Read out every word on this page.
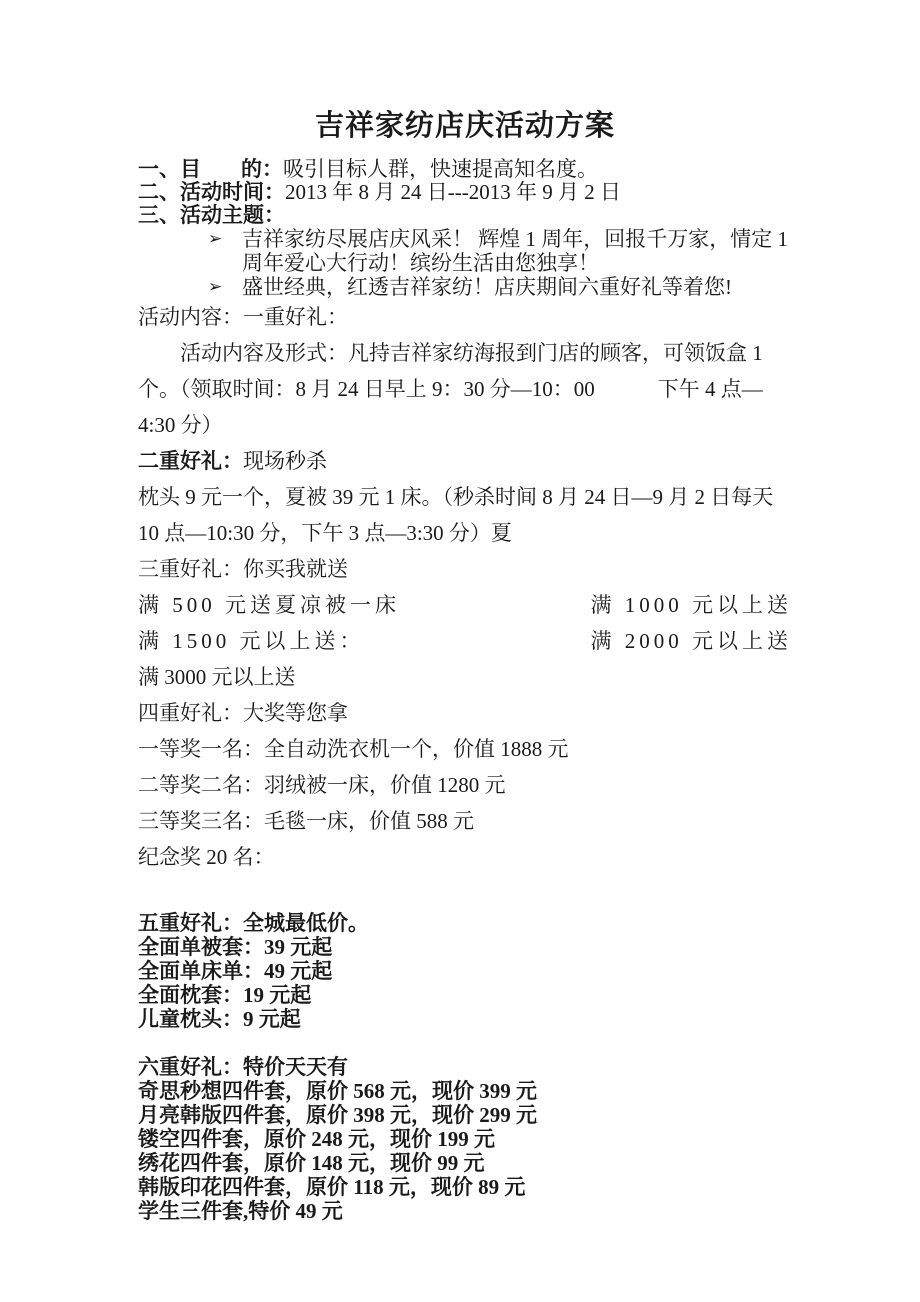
吉祥家纺店庆活动方案
一、目 的：吸引目标人群，快速提高知名度。
二、活动时间：2013 年 8 月 24 日---2013 年 9 月 2 日
三、活动主题：
➢ 吉祥家纺尽展店庆风采！ 辉煌 1 周年，回报千万家，情定 1 周年爱心大行动！缤纷生活由您独享！
➢ 盛世经典，红透吉祥家纺！店庆期间六重好礼等着您!

活动内容：一重好礼：

活动内容及形式：凡持吉祥家纺海报到门店的顾客，可领饭盒 1 个。（领取时间：8 月 24 日早上 9：30 分—10：00　　　下午 4 点—4:30 分）

二重好礼：现场秒杀

枕头 9 元一个，夏被 39 元 1 床。（秒杀时间 8 月 24 日—9 月 2 日每天 10 点—10:30 分，下午 3 点—3:30 分）夏

三重好礼：你买我就送

满 500 元送夏凉被一床	满 1000 元以上送
满 1500 元以上送：	满 2000 元以上送

满 3000 元以上送

四重好礼：大奖等您拿

一等奖一名：全自动洗衣机一个，价值 1888 元

二等奖二名：羽绒被一床，价值 1280 元

三等奖三名：毛毯一床，价值 588 元

纪念奖 20 名：

五重好礼：全城最低价。
全面单被套：39 元起
全面单床单：49 元起
全面枕套：19 元起
儿童枕头：9 元起
六重好礼：特价天天有
奇思秒想四件套，原价 568 元，现价 399 元
月亮韩版四件套，原价 398 元，现价 299 元
镂空四件套，原价 248 元，现价 199 元
绣花四件套，原价 148 元，现价 99 元
韩版印花四件套，原价 118 元，现价 89 元
学生三件套,特价 49 元
